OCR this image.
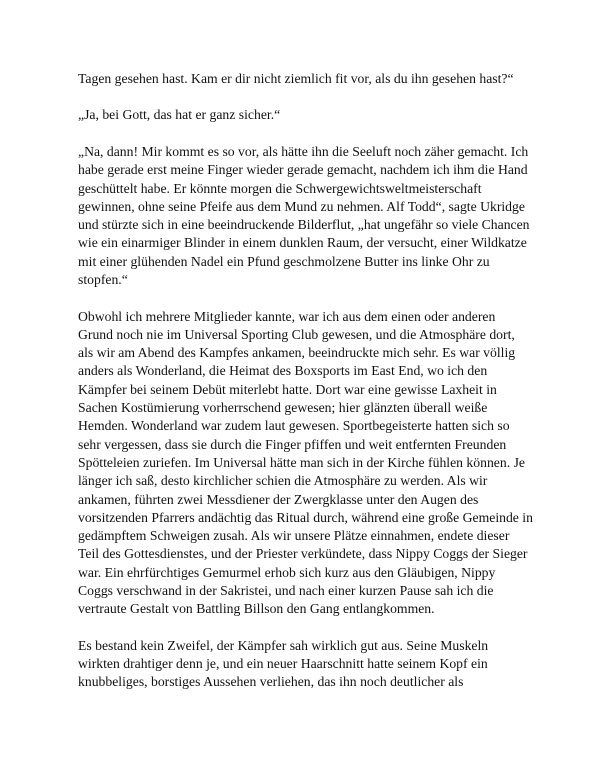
Tagen gesehen hast. Kam er dir nicht ziemlich fit vor, als du ihn gesehen hast?“

„Ja, bei Gott, das hat er ganz sicher.“

„Na, dann! Mir kommt es so vor, als hätte ihn die Seeluft noch zäher gemacht. Ich habe gerade erst meine Finger wieder gerade gemacht, nachdem ich ihm die Hand geschüttelt habe. Er könnte morgen die Schwergewichtsweltmeisterschaft gewinnen, ohne seine Pfeife aus dem Mund zu nehmen. Alf Todd“, sagte Ukridge und stürzte sich in eine beeindruckende Bilderflut, „hat ungefähr so viele Chancen wie ein einarmiger Blinder in einem dunklen Raum, der versucht, einer Wildkatze mit einer glühenden Nadel ein Pfund geschmolzene Butter ins linke Ohr zu stopfen.“

Obwohl ich mehrere Mitglieder kannte, war ich aus dem einen oder anderen Grund noch nie im Universal Sporting Club gewesen, und die Atmosphäre dort, als wir am Abend des Kampfes ankamen, beeindruckte mich sehr. Es war völlig anders als Wonderland, die Heimat des Boxsports im East End, wo ich den Kämpfer bei seinem Debüt miterlebt hatte. Dort war eine gewisse Laxheit in Sachen Kostümierung vorherrschend gewesen; hier glänzten überall weiße Hemden. Wonderland war zudem laut gewesen. Sportbegeisterte hatten sich so sehr vergessen, dass sie durch die Finger pfiffen und weit entfernten Freunden Spötteleien zuriefen. Im Universal hätte man sich in der Kirche fühlen können. Je länger ich saß, desto kirchlicher schien die Atmosphäre zu werden. Als wir ankamen, führten zwei Messdiener der Zwergklasse unter den Augen des vorsitzenden Pfarrers andächtig das Ritual durch, während eine große Gemeinde in gedämpftem Schweigen zusah. Als wir unsere Plätze einnahmen, endete dieser Teil des Gottesdienstes, und der Priester verkündete, dass Nippy Coggs der Sieger war. Ein ehrfürchtiges Gemurmel erhob sich kurz aus den Gläubigen, Nippy Coggs verschwand in der Sakristei, und nach einer kurzen Pause sah ich die vertraute Gestalt von Battling Billson den Gang entlangkommen.

Es bestand kein Zweifel, der Kämpfer sah wirklich gut aus. Seine Muskeln wirkten drahtiger denn je, und ein neuer Haarschnitt hatte seinem Kopf ein knubbeliges, borstiges Aussehen verliehen, das ihn noch deutlicher als
